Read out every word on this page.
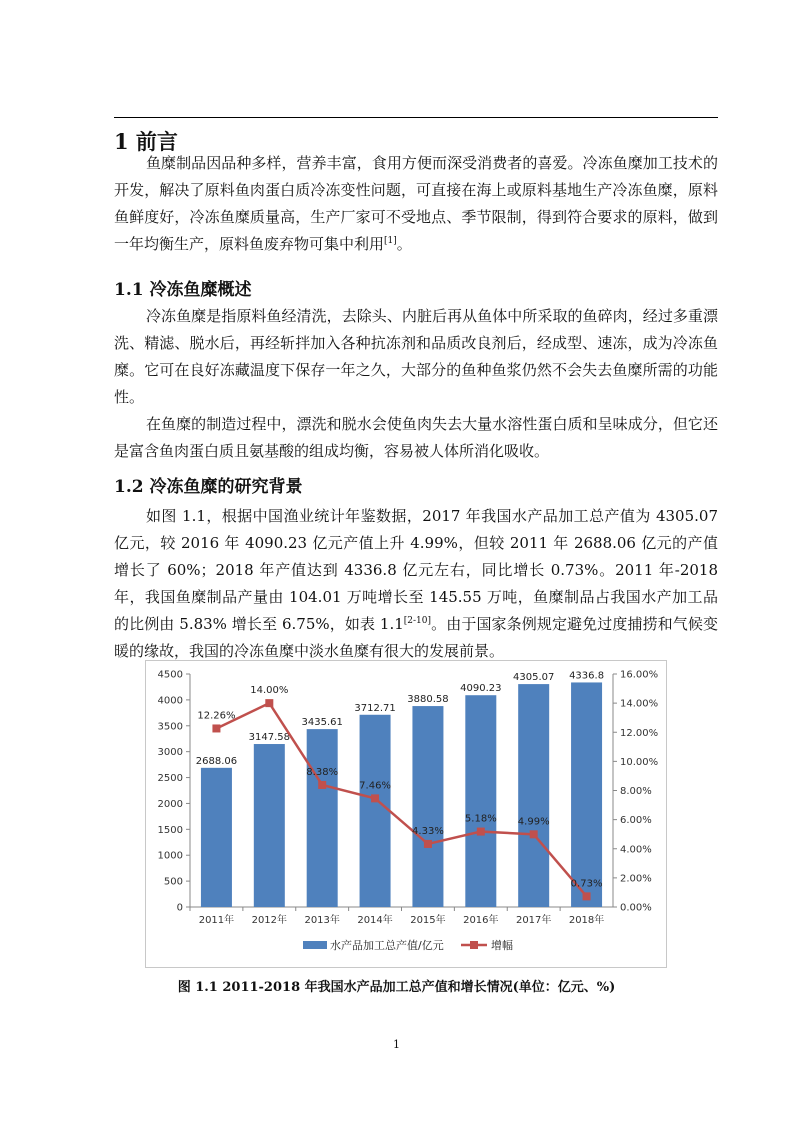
1 前言

鱼糜制品因品种多样，营养丰富，食用方便而深受消费者的喜爱。冷冻鱼糜加工技术的开发，解决了原料鱼肉蛋白质冷冻变性问题，可直接在海上或原料基地生产冷冻鱼糜，原料鱼鲜度好，冷冻鱼糜质量高，生产厂家可不受地点、季节限制，得到符合要求的原料，做到一年均衡生产，原料鱼废弃物可集中利用[1]。

1.1 冷冻鱼糜概述

冷冻鱼糜是指原料鱼经清洗，去除头、内脏后再从鱼体中所采取的鱼碎肉，经过多重漂洗、精滤、脱水后，再经斩拌加入各种抗冻剂和品质改良剂后，经成型、速冻，成为冷冻鱼糜。它可在良好冻藏温度下保存一年之久，大部分的鱼种鱼浆仍然不会失去鱼糜所需的功能性。

在鱼糜的制造过程中，漂洗和脱水会使鱼肉失去大量水溶性蛋白质和呈味成分，但它还是富含鱼肉蛋白质且氨基酸的组成均衡，容易被人体所消化吸收。

1.2 冷冻鱼糜的研究背景

如图 1.1，根据中国渔业统计年鉴数据，2017 年我国水产品加工总产值为 4305.07 亿元，较 2016 年 4090.23 亿元产值上升 4.99%，但较 2011 年 2688.06 亿元的产值增长了 60%；2018 年产值达到 4336.8 亿元左右，同比增长 0.73%。2011 年-2018 年，我国鱼糜制品产量由 104.01 万吨增长至 145.55 万吨，鱼糜制品占我国水产加工品的比例由 5.83% 增长至 6.75%，如表 1.1[2-10]。由于国家条例规定避免过度捕捞和气候变暖的缘故，我国的冷冻鱼糜中淡水鱼糜有很大的发展前景。

0
500
1000
1500
2000
2500
3000
3500
4000
4500
0.00%
2.00%
4.00%
6.00%
8.00%
10.00%
12.00%
14.00%
16.00%
2688.06
2011年
3147.58
2012年
3435.61
2013年
3712.71
2014年
3880.58
2015年
4090.23
2016年
4305.07
2017年
4336.8
2018年
12.26%
14.00%
8.38%
7.46%
4.33%
5.18% 4.99%
0.73%
水产品加工总产值/亿元	增幅

图 1.1 2011-2018 年我国水产品加工总产值和增长情况(单位：亿元、%)

1
